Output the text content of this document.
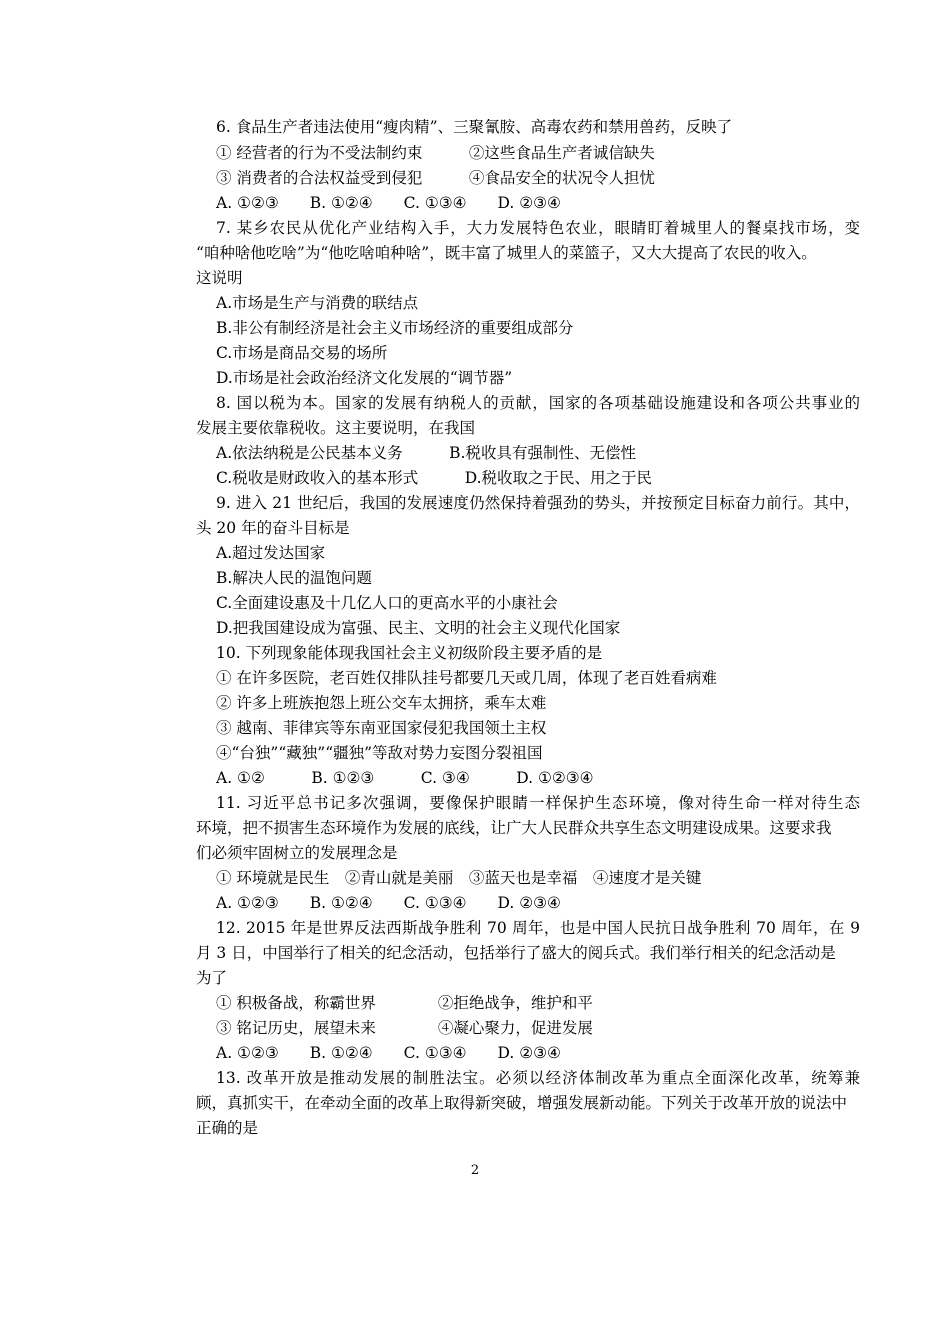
6. 食品生产者违法使用“瘦肉精”、三聚氰胺、高毒农药和禁用兽药，反映了
① 经营者的行为不受法制约束　　　②这些食品生产者诚信缺失
③ 消费者的合法权益受到侵犯　　　④食品安全的状况令人担忧
A. ①②③　　B. ①②④　　C. ①③④　　D. ②③④
7. 某乡农民从优化产业结构入手，大力发展特色农业，眼睛盯着城里人的餐桌找市场，变
“咱种啥他吃啥”为“他吃啥咱种啥”，既丰富了城里人的菜篮子，又大大提高了农民的收入。
这说明
A.市场是生产与消费的联结点
B.非公有制经济是社会主义市场经济的重要组成部分
C.市场是商品交易的场所
D.市场是社会政治经济文化发展的“调节器”
8. 国以税为本。国家的发展有纳税人的贡献，国家的各项基础设施建设和各项公共事业的
发展主要依靠税收。这主要说明，在我国
A.依法纳税是公民基本义务　　　B.税收具有强制性、无偿性
C.税收是财政收入的基本形式　　　D.税收取之于民、用之于民
9. 进入 21 世纪后，我国的发展速度仍然保持着强劲的势头，并按预定目标奋力前行。其中，
头 20 年的奋斗目标是
A.超过发达国家
B.解决人民的温饱问题
C.全面建设惠及十几亿人口的更高水平的小康社会
D.把我国建设成为富强、民主、文明的社会主义现代化国家
10. 下列现象能体现我国社会主义初级阶段主要矛盾的是
① 在许多医院，老百姓仅排队挂号都要几天或几周，体现了老百姓看病难
② 许多上班族抱怨上班公交车太拥挤，乘车太难
③ 越南、菲律宾等东南亚国家侵犯我国领土主权
④“台独”“藏独”“疆独”等敌对势力妄图分裂祖国
A. ①②　　　B. ①②③　　　C. ③④　　　D. ①②③④
11. 习近平总书记多次强调，要像保护眼睛一样保护生态环境，像对待生命一样对待生态
环境，把不损害生态环境作为发展的底线，让广大人民群众共享生态文明建设成果。这要求我
们必须牢固树立的发展理念是
① 环境就是民生　②青山就是美丽　③蓝天也是幸福　④速度才是关键
A. ①②③　　B. ①②④　　C. ①③④　　D. ②③④
12. 2015 年是世界反法西斯战争胜利 70 周年，也是中国人民抗日战争胜利 70 周年，在 9
月 3 日，中国举行了相关的纪念活动，包括举行了盛大的阅兵式。我们举行相关的纪念活动是
为了
① 积极备战，称霸世界　　　　②拒绝战争，维护和平
③ 铭记历史，展望未来　　　　④凝心聚力，促进发展
A. ①②③　　B. ①②④　　C. ①③④　　D. ②③④
13. 改革开放是推动发展的制胜法宝。必须以经济体制改革为重点全面深化改革，统筹兼
顾，真抓实干，在牵动全面的改革上取得新突破，增强发展新动能。下列关于改革开放的说法中
正确的是
2
